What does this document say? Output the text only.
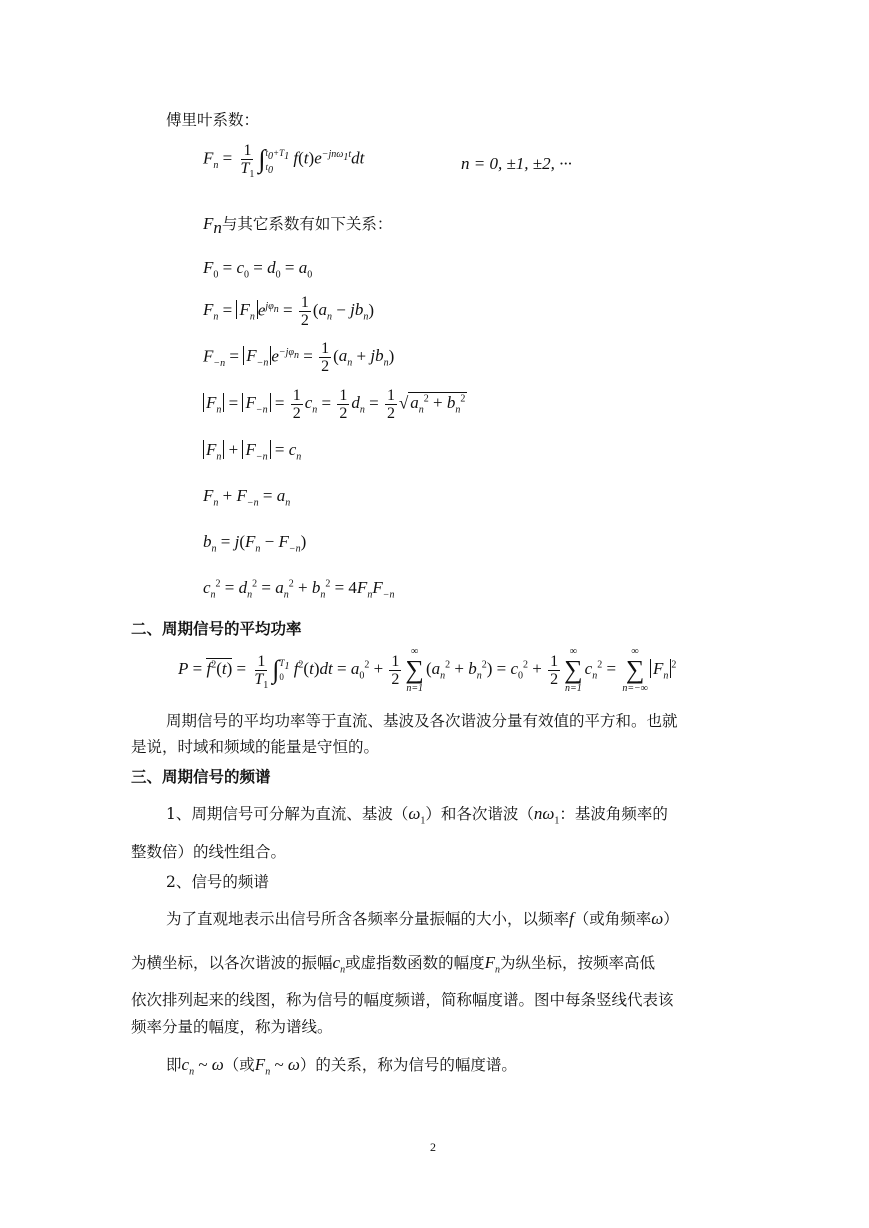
傅里叶系数：
$F_n = \frac{1}{T_1}$ ∫ $t_0+T_1$
$t_0$
$f(t)e^{-jn\omega_1t}dt$	n = 0, ±1, ±2, ···
$F_n$与其它系数有如下关系：
$F_0 = c_0 = d_0 = a_0$
$F_n = F_n$ $e^{j\varphi_n} = \frac{1}{2} (a_n - jb_n)$
$F_{-n} = F_{-n}$ $e^{-j\varphi_n} = \frac{1}{2} (a_n + jb_n)$
$F_n = F_{-n} = \frac{1}{2} c_n = \frac{1}{2} d_n = \frac{1}{2}$ √ $a_n^2 + b_n^2$
$F_n + F_{-n} = c_n$
$F_n + F_{-n} = a_n$
$b_n = j(F_n - F_{-n})$
$c_n^2 = d_n^2 = a_n^2 + b_n^2 = 4F_nF_{-n}$
二、周期信号的平均功率
$P = f^2(t) = \frac{1}{T_1}$ ∫ $T_1$
0 $f^2(t)dt = a_0^2 + \frac{1}{2}$
∞
∑
n=1
$(a_n^2 + b_n^2) = c_0^2 + \frac{1}{2}$
∞
∑
n=1
$c_n^2$ =
∞
∑
n=−∞
$F_n^2$
周期信号的平均功率等于直流、基波及各次谐波分量有效值的平方和。也就
是说，时域和频域的能量是守恒的。
三、周期信号的频谱
1、周期信号可分解为直流、基波$(\omega_1)$和各次谐波（$n\omega_1$：基波角频率的
整数倍）的线性组合。
2、信号的频谱
为了直观地表示出信号所含各频率分量振幅的大小，以频率f（或角频率ω）
为横坐标，以各次谐波的振幅$c_n$或虚指数函数的幅度$F_n$为纵坐标，按频率高低
依次排列起来的线图，称为信号的幅度频谱，简称幅度谱。图中每条竖线代表该
频率分量的幅度，称为谱线。
即$c_n$ ~ ω（或$F_n$ ~ ω）的关系，称为信号的幅度谱。
2
